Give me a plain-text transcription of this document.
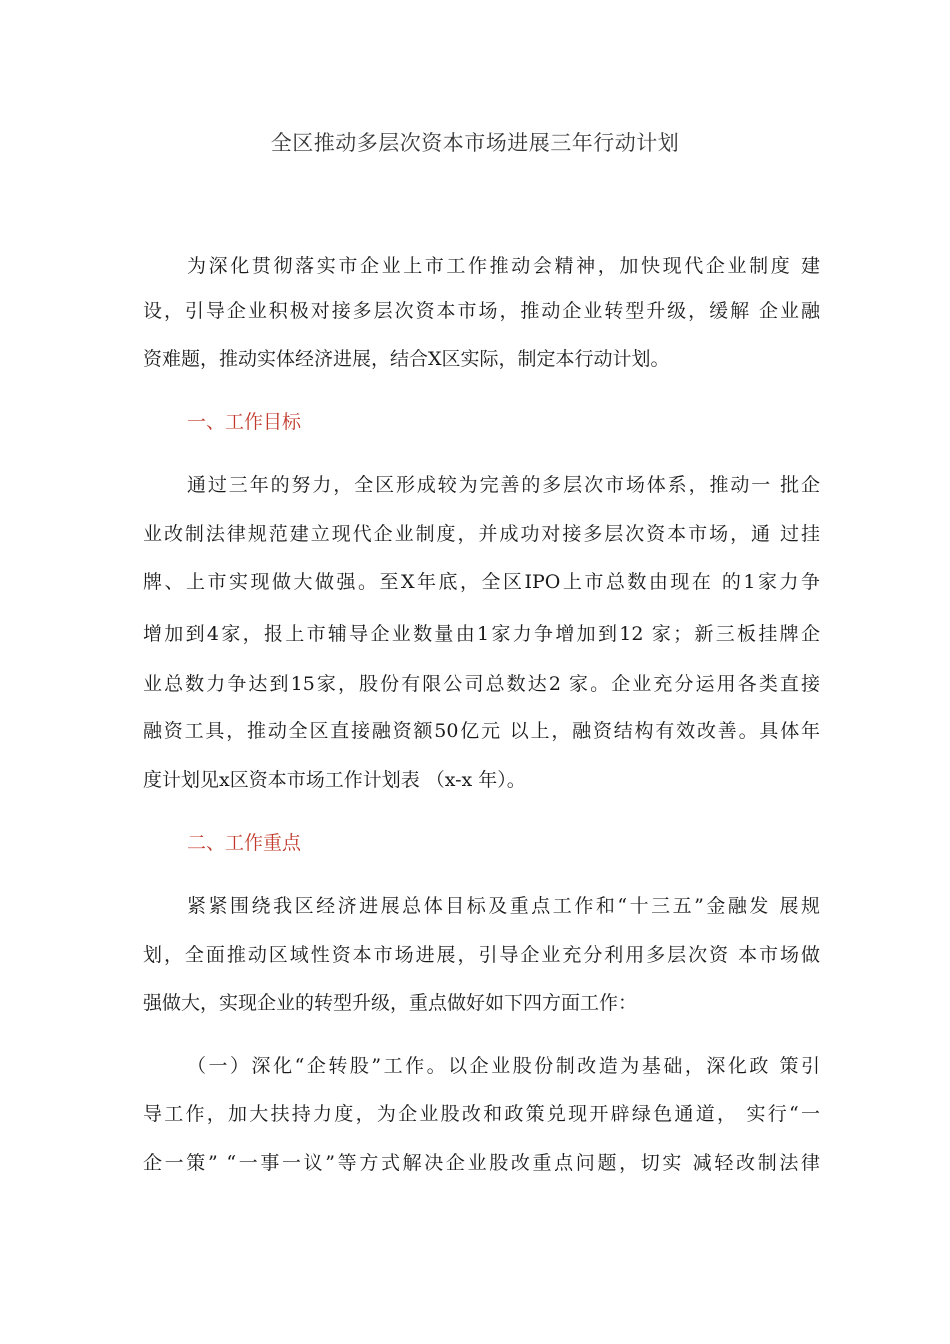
全区推动多层次资本市场进展三年行动计划
为深化贯彻落实市企业上市工作推动会精神，加快现代企业制度 建
设，引导企业积极对接多层次资本市场，推动企业转型升级，缓解 企业融
资难题，推动实体经济进展，结合X区实际，制定本行动计划。
一、工作目标
通过三年的努力，全区形成较为完善的多层次市场体系，推动一 批企
业改制法律规范建立现代企业制度，并成功对接多层次资本市场，通 过挂
牌、上市实现做大做强。至X年底，全区IPO上市总数由现在 的1家力争
增加到4家，报上市辅导企业数量由1家力争增加到12 家；新三板挂牌企
业总数力争达到15家，股份有限公司总数达2 家。企业充分运用各类直接
融资工具，推动全区直接融资额50亿元 以上，融资结构有效改善。具体年
度计划见x区资本市场工作计划表 （x-x 年）。
二、工作重点
紧紧围绕我区经济进展总体目标及重点工作和“十三五”金融发 展规
划，全面推动区域性资本市场进展，引导企业充分利用多层次资 本市场做
强做大，实现企业的转型升级，重点做好如下四方面工作：
（一）深化“企转股”工作。以企业股份制改造为基础，深化政 策引
导工作，加大扶持力度，为企业股改和政策兑现开辟绿色通道， 实行“一
企一策” “一事一议”等方式解决企业股改重点问题，切实 减轻改制法律
